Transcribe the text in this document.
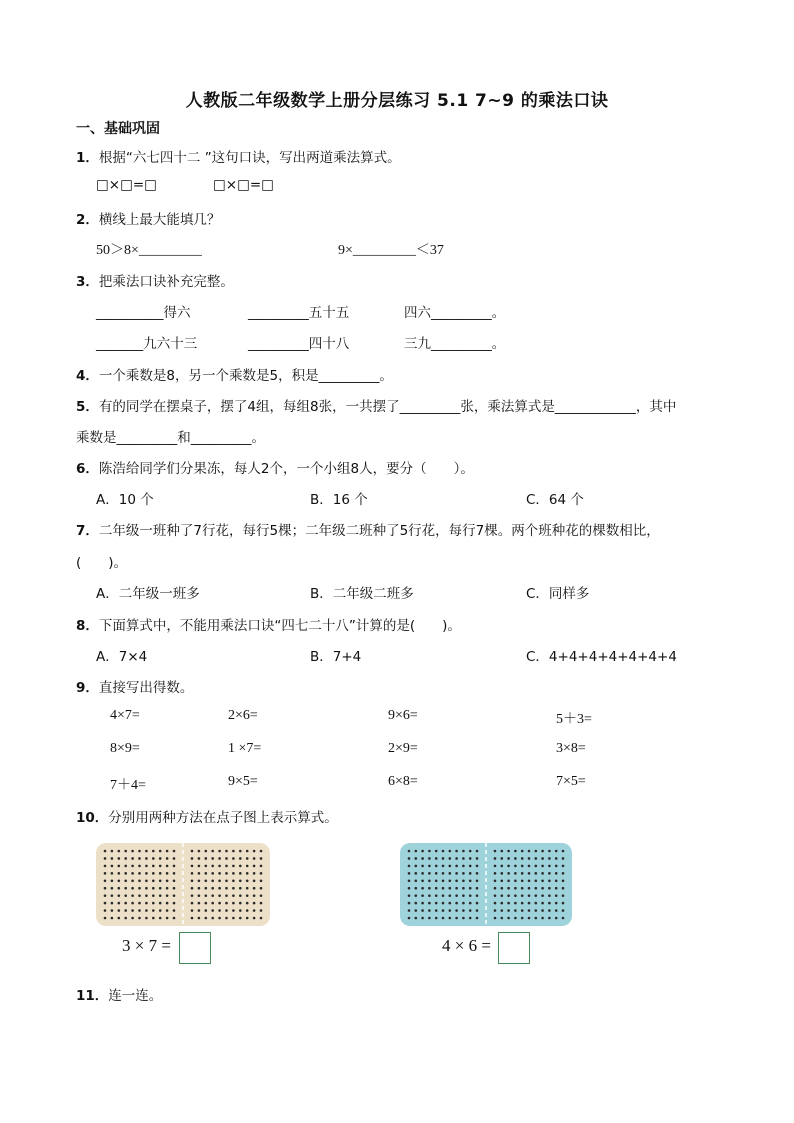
人教版二年级数学上册分层练习 5.1 7~9 的乘法口诀
一、基础巩固
1．根据“六七四十二 ”这句口诀，写出两道乘法算式。
□×□=□	□×□=□
2．横线上最大能填几？
50＞8×_________	9×_________＜37
3．把乘法口诀补充完整。
__________得六	_________五十五	四六_________。
_______九六十三	_________四十八	三九_________。
4．一个乘数是8，另一个乘数是5，积是_________。
5．有的同学在摆桌子，摆了4组，每组8张，一共摆了_________张，乘法算式是____________，其中
乘数是_________和_________。
6．陈浩给同学们分果冻，每人2个，一个小组8人，要分（　　）。
A．10 个	B．16 个	C．64 个
7．二年级一班种了7行花，每行5棵；二年级二班种了5行花，每行7棵。两个班种花的棵数相比，
(　　)。
A．二年级一班多	B．二年级二班多	C．同样多
8．下面算式中，不能用乘法口诀“四七二十八”计算的是(　　)。
A．7×4	B．7+4	C．4+4+4+4+4+4+4
9．直接写出得数。
4×7=	2×6=	9×6=	5＋3=
8×9=	1 ×7=	2×9=	3×8=
7＋4=	9×5=	6×8=	7×5=
10．分别用两种方法在点子图上表示算式。
3 × 7 =	4 × 6 =
11．连一连。
